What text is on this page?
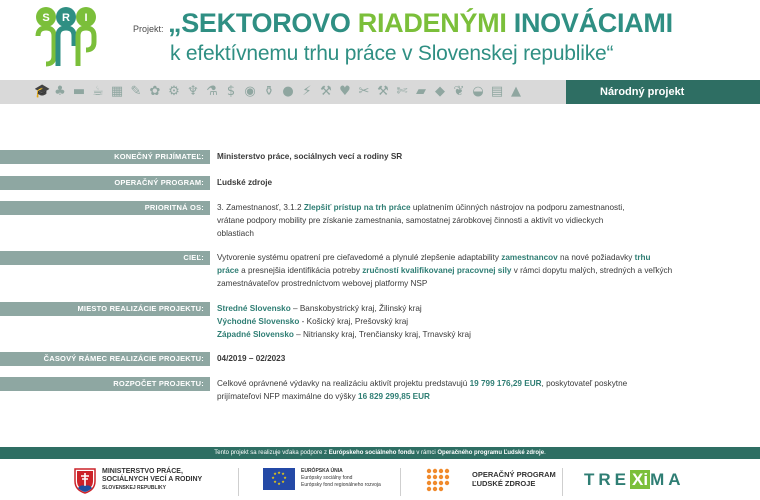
S R I
Projekt: „SEKTOROVO RIADENÝMI INOVÁCIAMI
k efektívnemu trhu práce v Slovenskej republike“
🎓 ♣ ▬ ☕ ▦ ✎ ✿ ⚙ ♆ ⚗ $ ◉ ⚱ ● ⚡ ⚒ ♥ ✂ ⚒ ✄ ▰ ◆ ❦ ◒ ▤ ▲	Národný projekt
KONEČNÝ PRIJÍMATEĽ:	Ministerstvo práce, sociálnych vecí a rodiny SR
OPERAČNÝ PROGRAM:	Ľudské zdroje
PRIORITNÁ OS:	3. Zamestnanosť, 3.1.2 Zlepšiť prístup na trh práce uplatnením účinných nástrojov na podporu zamestnanosti,
vrátane podpory mobility pre získanie zamestnania, samostatnej zárobkovej činnosti a aktivít vo vidieckych
oblastiach
CIEĽ:	Vytvorenie systému opatrení pre cieľavedomé a plynulé zlepšenie adaptability zamestnancov na nové požiadavky trhu
práce a presnejšia identifikácia potreby zručností kvalifikovanej pracovnej sily v rámci dopytu malých, stredných a veľkých
zamestnávateľov prostredníctvom webovej platformy NSP
MIESTO REALIZÁCIE PROJEKTU:	Stredné Slovensko – Banskobystrický kraj, Žilinský kraj
Východné Slovensko - Košický kraj, Prešovský kraj
Západné Slovensko – Nitriansky kraj, Trenčiansky kraj, Trnavský kraj
ČASOVÝ RÁMEC REALIZÁCIE PROJEKTU:	04/2019 – 02/2023
ROZPOČET PROJEKTU:	Celkové oprávnené výdavky na realizáciu aktivít projektu predstavujú 19 799 176,29 EUR, poskytovateľ poskytne
prijímateľovi NFP maximálne do výšky 16 829 299,85 EUR
Tento projekt sa realizuje vďaka podpore z Európskeho sociálneho fondu v rámci Operačného programu Ľudské zdroje.
MINISTERSTVO PRÁCE,
SOCIÁLNYCH VECÍ A RODINY
SLOVENSKEJ REPUBLIKY
★ ★
★
★
★
★
★
★	EURÓPSKA ÚNIA
Európsky sociálny fond
Európsky fond regionálneho rozvoja
OPERAČNÝ PROGRAM
ĽUDSKÉ ZDROJE	TRE Xi MA
